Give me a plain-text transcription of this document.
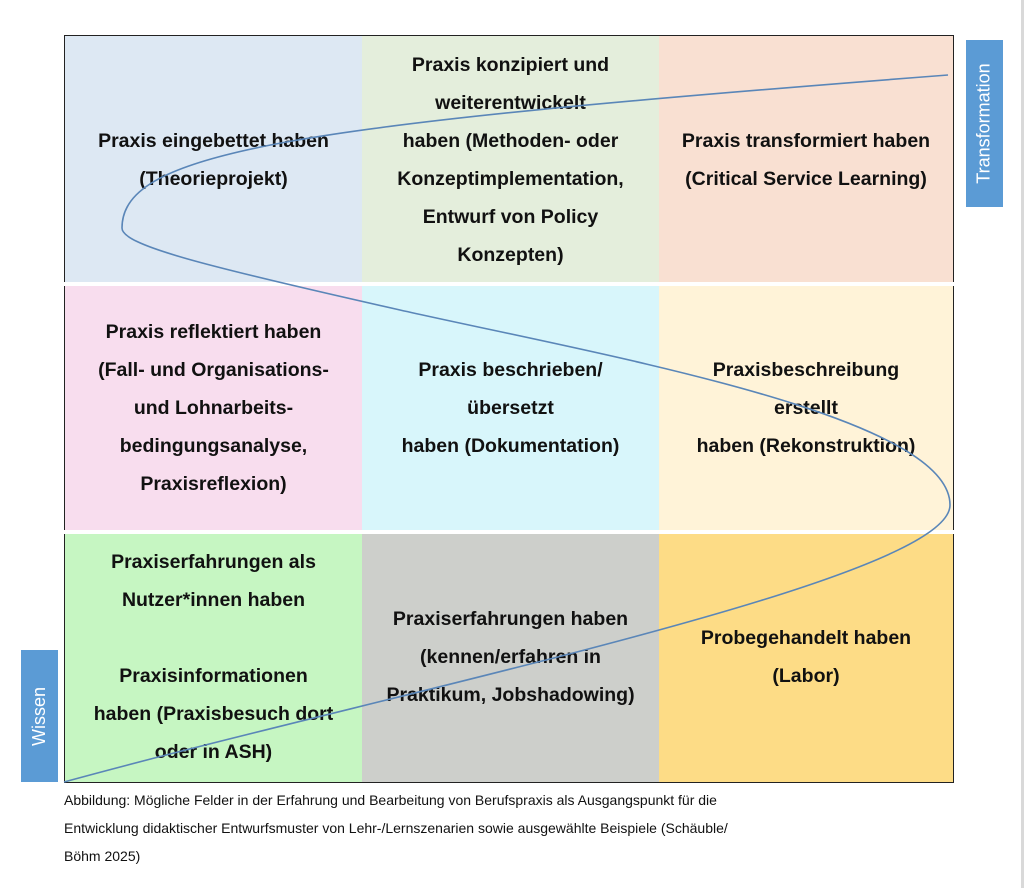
Praxis eingebettet haben
(Theorieprojekt)

Praxis konzipiert und
weiterentwickelt
haben (Methoden- oder
Konzeptimplementation,
Entwurf von Policy
Konzepten)

Praxis transformiert haben
(Critical Service Learning)

Praxis reflektiert haben
(Fall- und Organisations-
und Lohnarbeits-
bedingungsanalyse,
Praxisreflexion)

Praxis beschrieben/
übersetzt
haben (Dokumentation)

Praxisbeschreibung
erstellt
haben (Rekonstruktion)

Praxiserfahrungen als
Nutzer*innen haben

Praxisinformationen
haben (Praxisbesuch dort
oder in ASH)

Praxiserfahrungen haben
(kennen/erfahren in
Praktikum, Jobshadowing)

Probegehandelt haben
(Labor)

Transformation
Wissen
Abbildung: Mögliche Felder in der Erfahrung und Bearbeitung von Berufspraxis als Ausgangspunkt für die
Entwicklung didaktischer Entwurfsmuster von Lehr-/Lernszenarien sowie ausgewählte Beispiele (Schäuble/
Böhm 2025)
